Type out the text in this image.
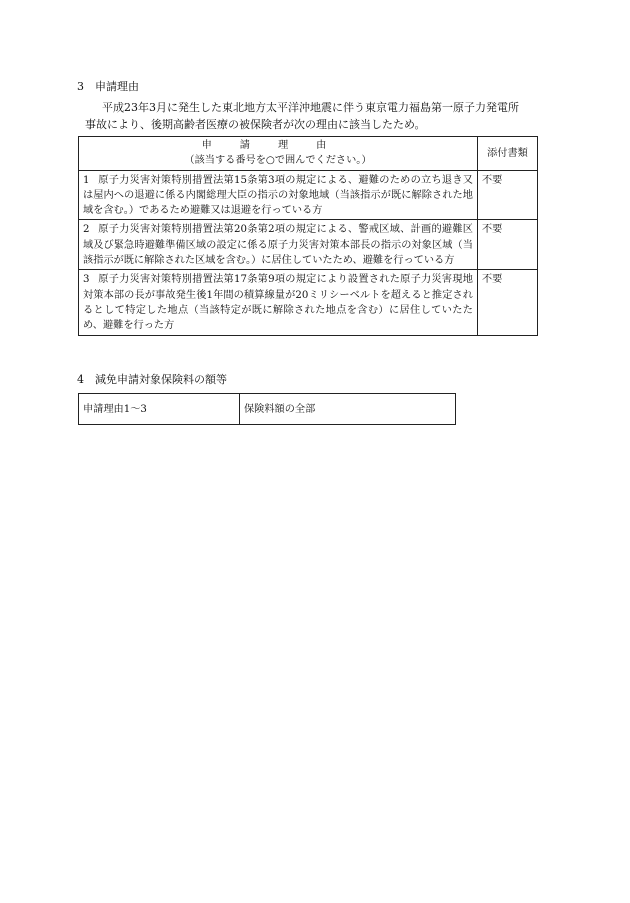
3　申請理由
平成23年3月に発生した東北地方太平洋沖地震に伴う東京電力福島第一原子力発電所
事故により、後期高齢者医療の被保険者が次の理由に該当したため。
申請理由
（該当する番号を○で囲んでください。）	添付書類
1 原子力災害対策特別措置法第15条第3項の規定による、避難のための立ち退き又は屋内への退避に係る内閣総理大臣の指示の対象地域（当該指示が既に解除された地域を含む。）であるため避難又は退避を行っている方	不要
2 原子力災害対策特別措置法第20条第2項の規定による、警戒区域、計画的避難区域及び緊急時避難準備区域の設定に係る原子力災害対策本部長の指示の対象区域（当該指示が既に解除された区域を含む。）に居住していたため、避難を行っている方	不要
3 原子力災害対策特別措置法第17条第9項の規定により設置された原子力災害現地対策本部の長が事故発生後1年間の積算線量が20ミリシーベルトを超えると推定されるとして特定した地点（当該特定が既に解除された地点を含む）に居住していたため、避難を行った方	不要
4　減免申請対象保険料の額等
申請理由1～3	保険料額の全部
